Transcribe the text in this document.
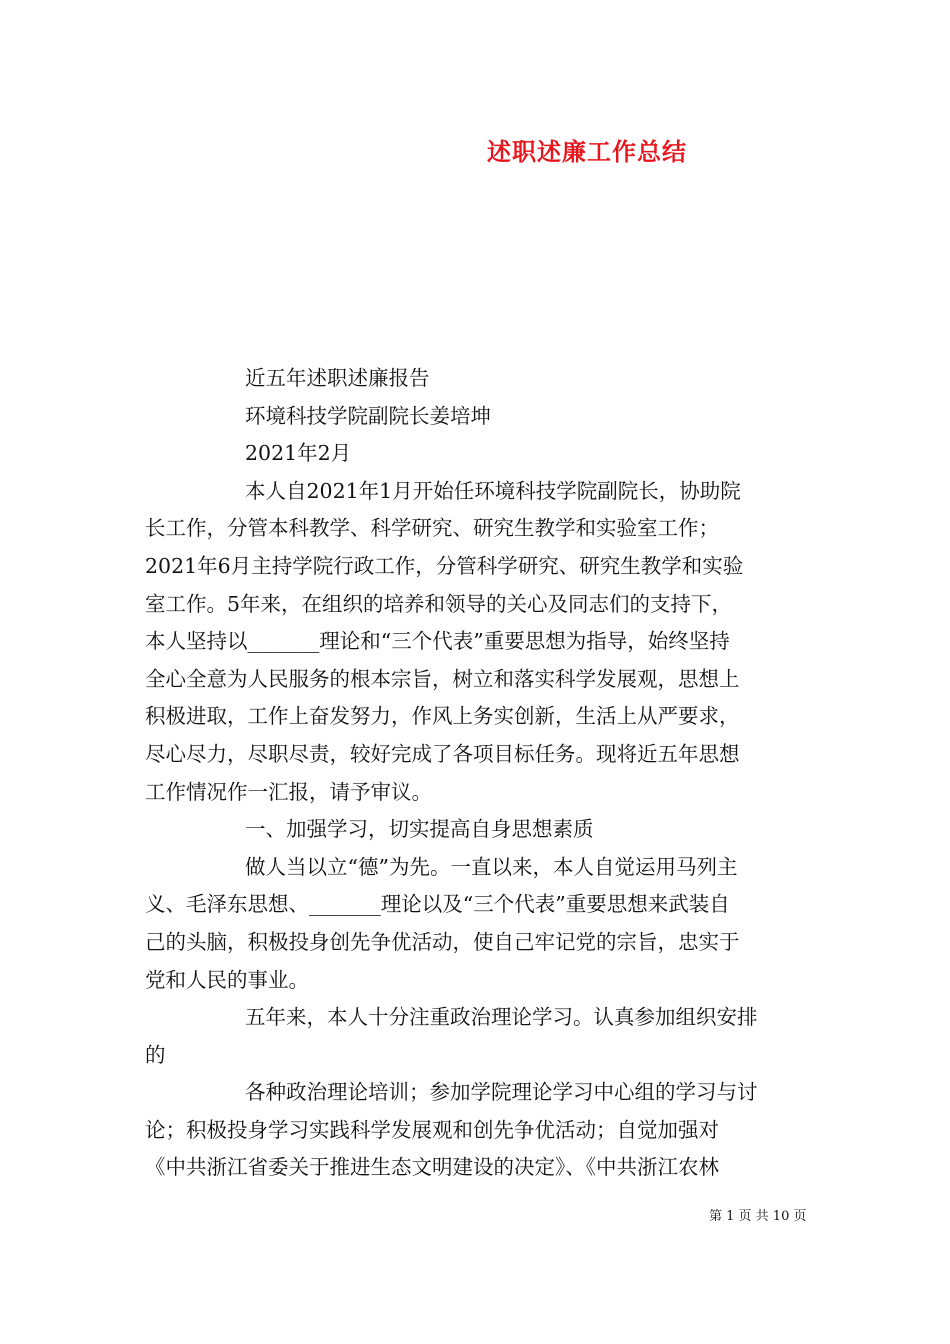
述职述廉工作总结
近五年述职述廉报告
环境科技学院副院长姜培坤
2021年2月
本人自2021年1月开始任环境科技学院副院长，协助院
长工作，分管本科教学、科学研究、研究生教学和实验室工作；
2021年6月主持学院行政工作，分管科学研究、研究生教学和实验
室工作。5年来，在组织的培养和领导的关心及同志们的支持下，
本人坚持以_______理论和“三个代表”重要思想为指导，始终坚持
全心全意为人民服务的根本宗旨，树立和落实科学发展观，思想上
积极进取，工作上奋发努力，作风上务实创新，生活上从严要求，
尽心尽力，尽职尽责，较好完成了各项目标任务。现将近五年思想
工作情况作一汇报，请予审议。
一、加强学习，切实提高自身思想素质
做人当以立“德”为先。一直以来，本人自觉运用马列主
义、毛泽东思想、_______理论以及“三个代表”重要思想来武装自
己的头脑，积极投身创先争优活动，使自己牢记党的宗旨，忠实于
党和人民的事业。
五年来，本人十分注重政治理论学习。认真参加组织安排
的
各种政治理论培训；参加学院理论学习中心组的学习与讨
论；积极投身学习实践科学发展观和创先争优活动；自觉加强对
《中共浙江省委关于推进生态文明建设的决定》、《中共浙江农林
第 1 页 共 10 页
